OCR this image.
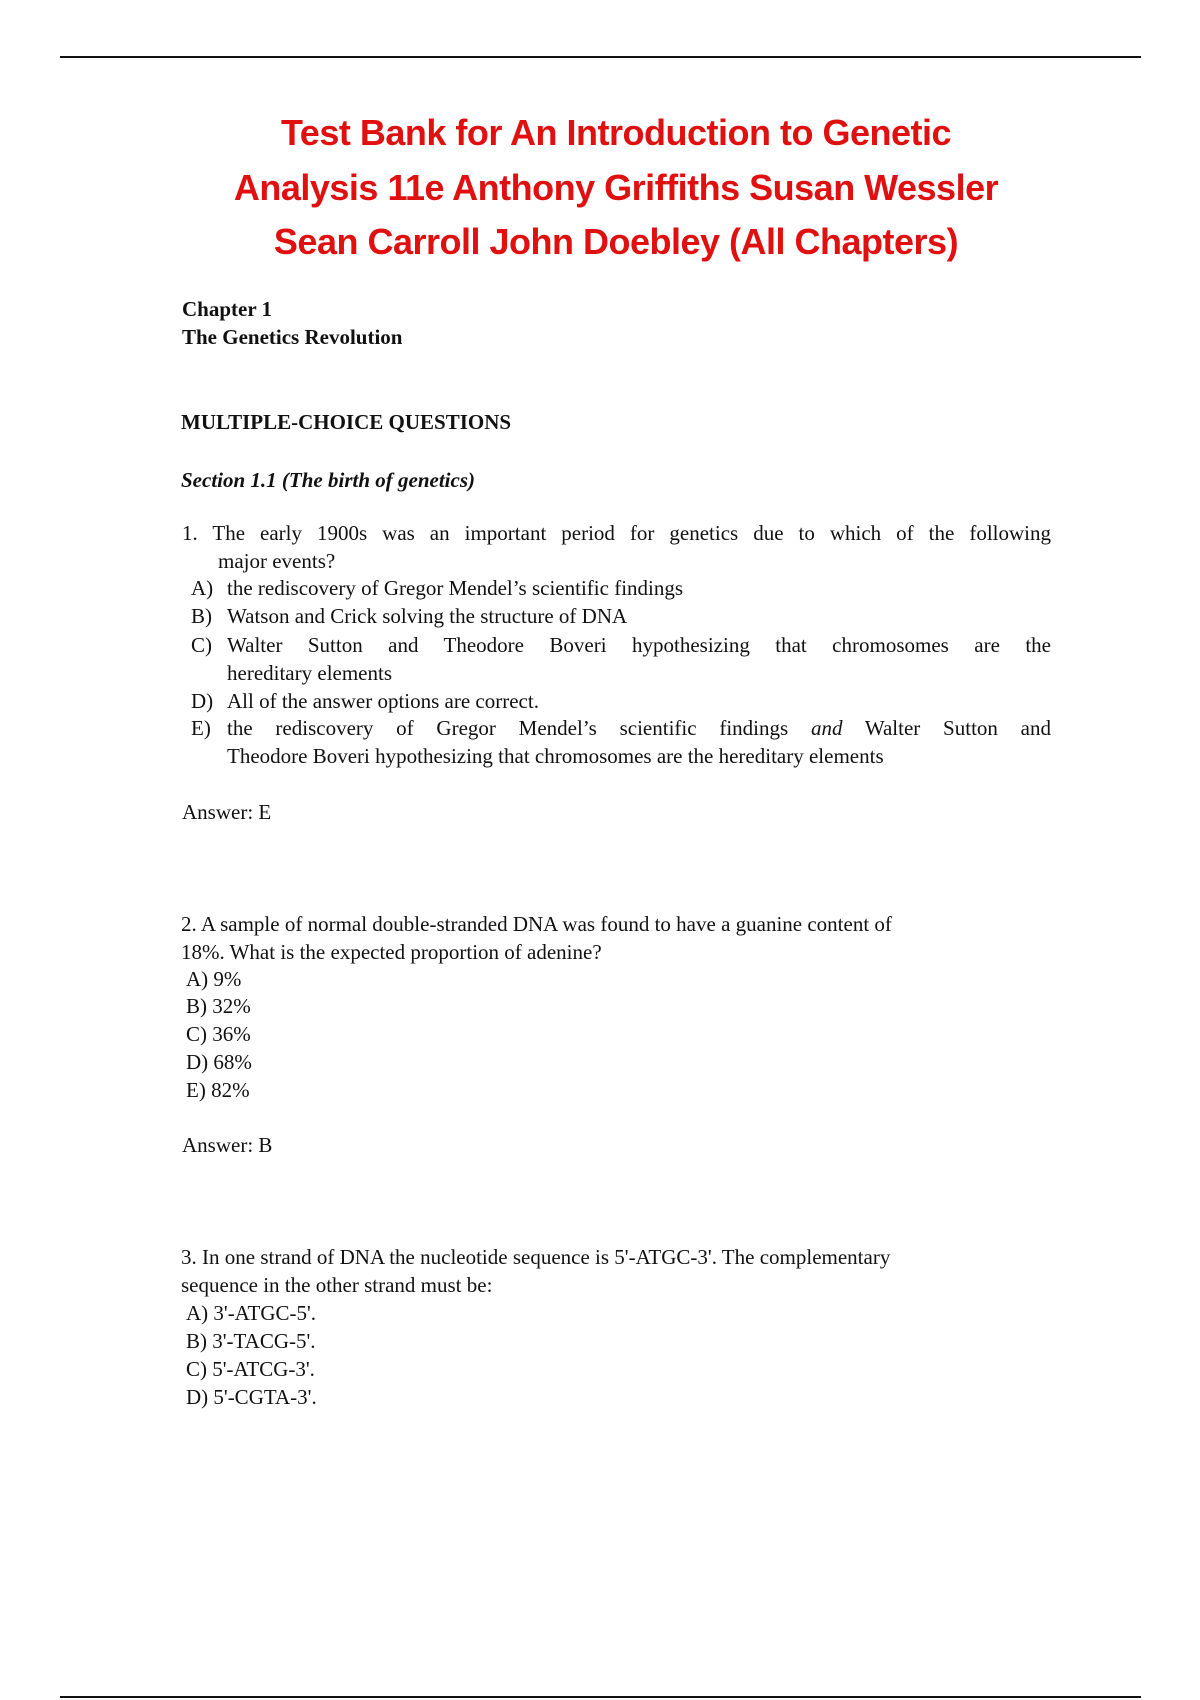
Test Bank for An Introduction to Genetic
Analysis 11e Anthony Griffiths Susan Wessler
Sean Carroll John Doebley (All Chapters)
Chapter 1
The Genetics Revolution
MULTIPLE-CHOICE QUESTIONS
Section 1.1 (The birth of genetics)
1. The early 1900s was an important period for genetics due to which of the following
major events?
A) the rediscovery of Gregor Mendel’s scientific findings
B) Watson and Crick solving the structure of DNA
C) Walter Sutton and Theodore Boveri hypothesizing that chromosomes are the
hereditary elements
D) All of the answer options are correct.
E) the rediscovery of Gregor Mendel’s scientific findings and Walter Sutton and
Theodore Boveri hypothesizing that chromosomes are the hereditary elements
Answer: E
2. A sample of normal double-stranded DNA was found to have a guanine content of
18%. What is the expected proportion of adenine?
A) 9%
B) 32%
C) 36%
D) 68%
E) 82%
Answer: B
3. In one strand of DNA the nucleotide sequence is 5'-ATGC-3'. The complementary
sequence in the other strand must be:
A) 3'-ATGC-5'.
B) 3'-TACG-5'.
C) 5'-ATCG-3'.
D) 5'-CGTA-3'.
